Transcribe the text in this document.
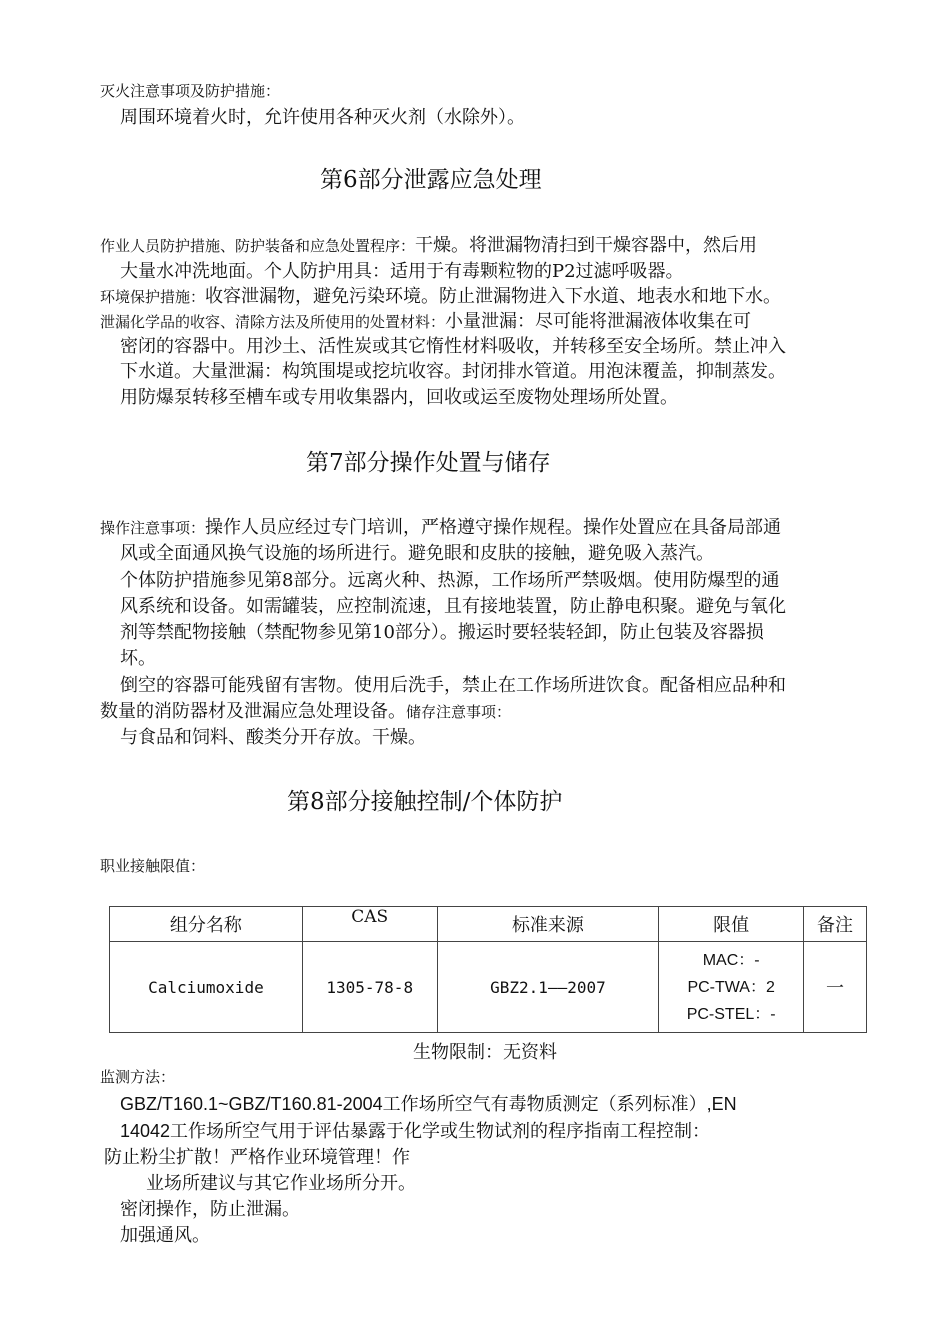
灭火注意事项及防护措施：
周围环境着火时，允许使用各种灭火剂（水除外）。
第6部分泄露应急处理
作业人员防护措施、防护装备和应急处置程序：干燥。将泄漏物清扫到干燥容器中，然后用
大量水冲洗地面。个人防护用具：适用于有毒颗粒物的P2过滤呼吸器。
环境保护措施：收容泄漏物，避免污染环境。防止泄漏物进入下水道、地表水和地下水。
泄漏化学品的收容、清除方法及所使用的处置材料：小量泄漏：尽可能将泄漏液体收集在可
密闭的容器中。用沙土、活性炭或其它惰性材料吸收，并转移至安全场所。禁止冲入
下水道。大量泄漏：构筑围堤或挖坑收容。封闭排水管道。用泡沫覆盖，抑制蒸发。
用防爆泵转移至槽车或专用收集器内，回收或运至废物处理场所处置。
第7部分操作处置与储存
操作注意事项：操作人员应经过专门培训，严格遵守操作规程。操作处置应在具备局部通
风或全面通风换气设施的场所进行。避免眼和皮肤的接触，避免吸入蒸汽。
个体防护措施参见第8部分。远离火种、热源，工作场所严禁吸烟。使用防爆型的通
风系统和设备。如需罐装，应控制流速，且有接地装置，防止静电积聚。避免与氧化
剂等禁配物接触（禁配物参见第10部分）。搬运时要轻装轻卸，防止包装及容器损
坏。
倒空的容器可能残留有害物。使用后洗手，禁止在工作场所进饮食。配备相应品种和
数量的消防器材及泄漏应急处理设备。储存注意事项：
与食品和饲料、酸类分开存放。干燥。
第8部分接触控制/个体防护
职业接触限值：
组分名称	CAS	标准来源	限值	备注
Calciumoxide	1305-78-8	GBZ2.1——2007	MAC：-
PC-TWA：2
PC-STEL：-	一
生物限制：无资料
监测方法：
GBZ/T160.1~GBZ/T160.81-2004工作场所空气有毒物质测定（系列标准）,EN
14042工作场所空气用于评估暴露于化学或生物试剂的程序指南工程控制：
防止粉尘扩散！严格作业环境管理！作
业场所建议与其它作业场所分开。
密闭操作，防止泄漏。
加强通风。
